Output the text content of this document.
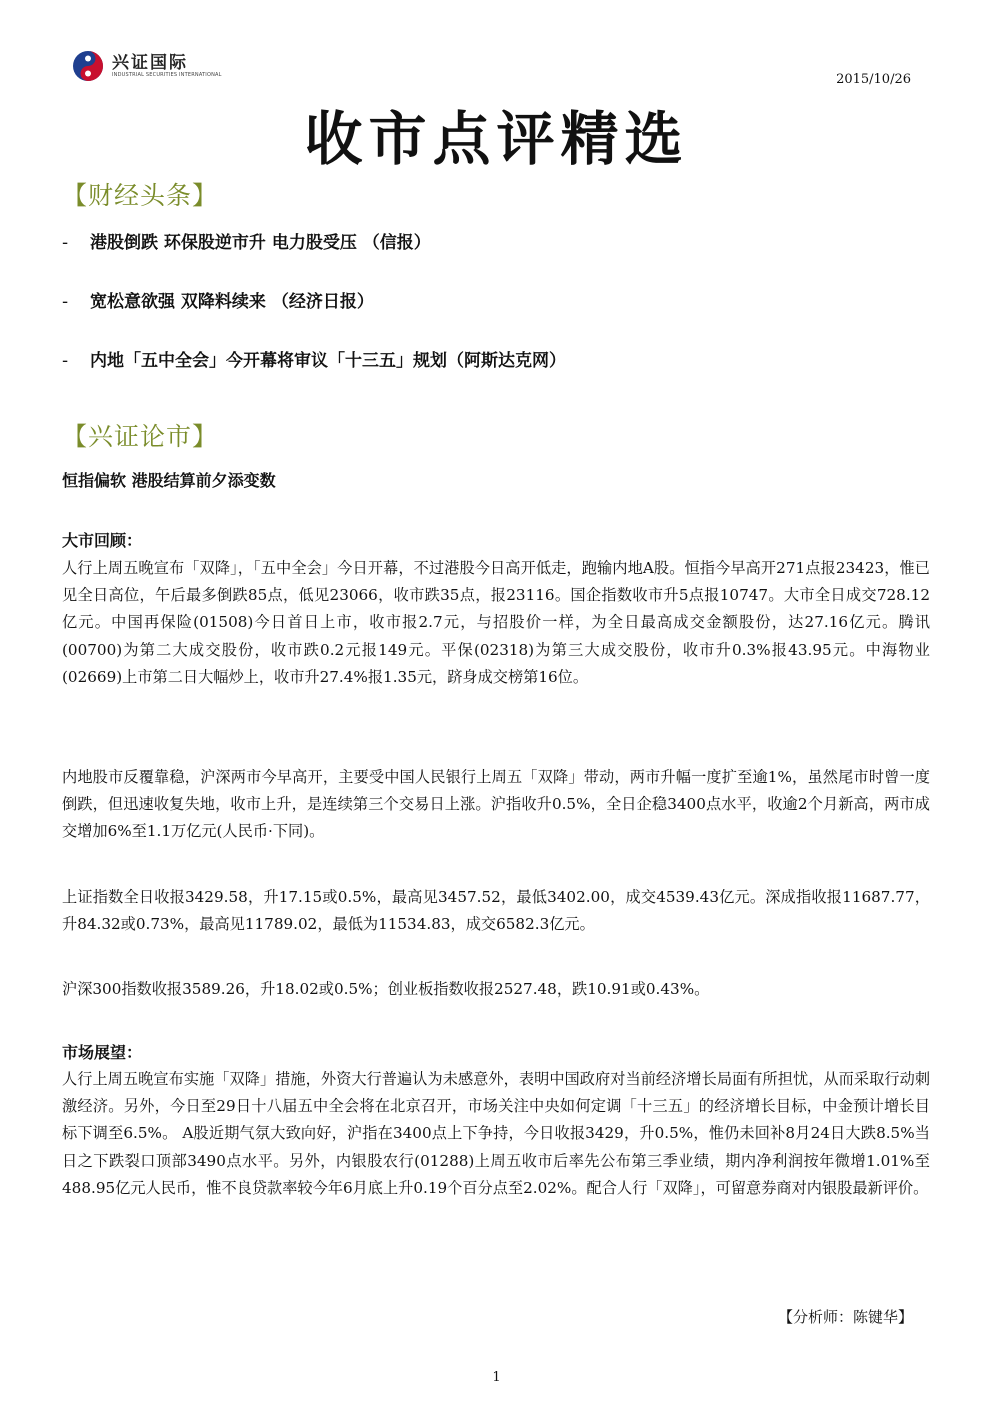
兴证国际
INDUSTRIAL SECURITIES INTERNATIONAL	2015/10/26
收市点评精选
【财经头条】
- 港股倒跌 环保股逆市升 电力股受压 （信报）
- 宽松意欲强 双降料续来 （经济日报）
- 内地「五中全会」今开幕将审议「十三五」规划（阿斯达克网）
【兴证论市】
恒指偏软 港股结算前夕添变数
大市回顾：
人行上周五晚宣布「双降」，「五中全会」今日开幕，不过港股今日高开低走，跑输内地A股。恒指今早高开271点报23423，惟已见全日高位，午后最多倒跌85点，低见23066，收市跌35点，报23116。国企指数收市升5点报10747。大市全日成交728.12亿元。中国再保险(01508)今日首日上市，收市报2.7元，与招股价一样，为全日最高成交金额股份，达27.16亿元。腾讯(00700)为第二大成交股份，收市跌0.2元报149元。平保(02318)为第三大成交股份，收市升0.3%报43.95元。中海物业(02669)上市第二日大幅炒上，收市升27.4%报1.35元，跻身成交榜第16位。
内地股市反覆靠稳，沪深两市今早高开，主要受中国人民银行上周五「双降」带动，两市升幅一度扩至逾1%，虽然尾市时曾一度倒跌，但迅速收复失地，收市上升，是连续第三个交易日上涨。沪指收升0.5%，全日企稳3400点水平，收逾2个月新高，两市成交增加6%至1.1万亿元(人民币·下同)。
上证指数全日收报3429.58，升17.15或0.5%，最高见3457.52，最低3402.00，成交4539.43亿元。深成指收报11687.77，升84.32或0.73%，最高见11789.02，最低为11534.83，成交6582.3亿元。
沪深300指数收报3589.26，升18.02或0.5%；创业板指数收报2527.48，跌10.91或0.43%。
市场展望：
人行上周五晚宣布实施「双降」措施，外资大行普遍认为未感意外，表明中国政府对当前经济增长局面有所担忧，从而采取行动刺激经济。另外，今日至29日十八届五中全会将在北京召开，市场关注中央如何定调「十三五」的经济增长目标，中金预计增长目标下调至6.5%。 A股近期气氛大致向好，沪指在3400点上下争持，今日收报3429，升0.5%，惟仍未回补8月24日大跌8.5%当日之下跌裂口顶部3490点水平。另外，内银股农行(01288)上周五收市后率先公布第三季业绩，期内净利润按年微增1.01%至488.95亿元人民币，惟不良贷款率较今年6月底上升0.19个百分点至2.02%。配合人行「双降」，可留意券商对内银股最新评价。
【分析师：陈键华】
1
